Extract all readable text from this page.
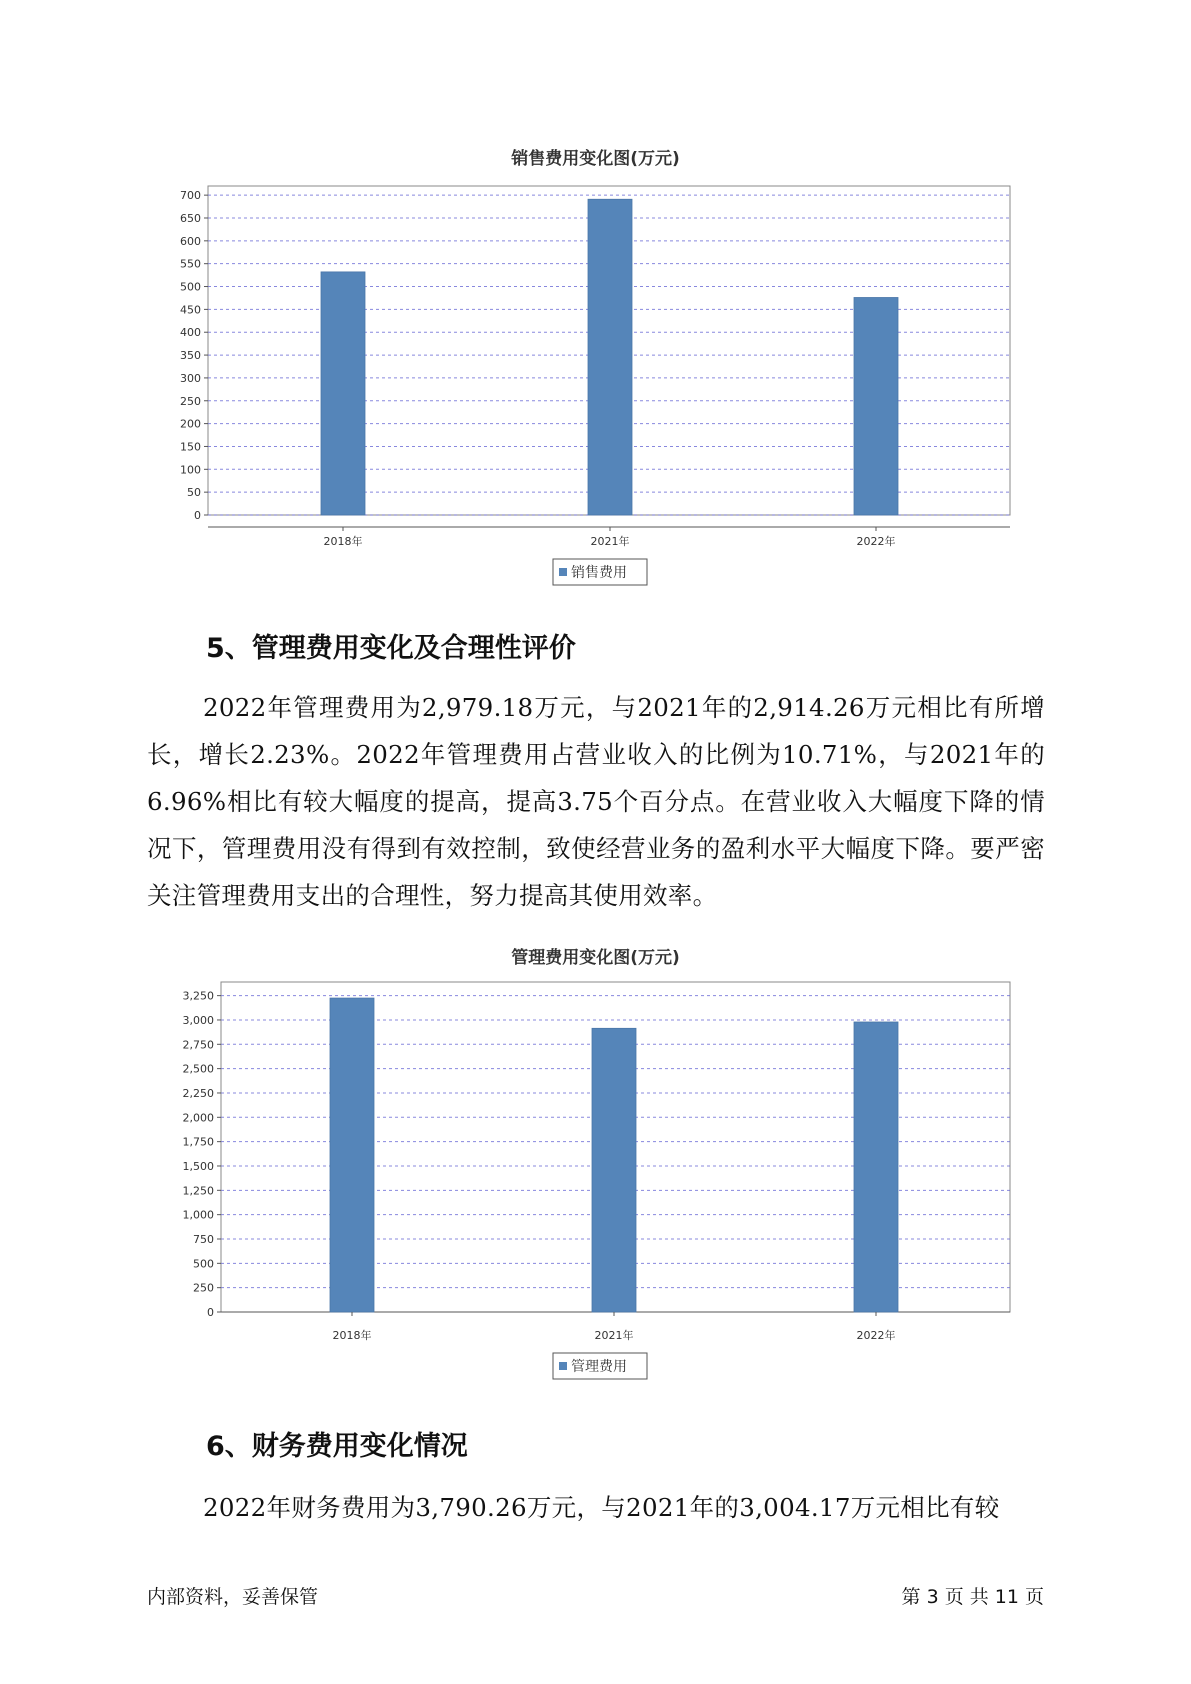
销售费用变化图(万元)
0
50
100
150
200
250
300
350
400
450
500
550
600
650
700
2018年	2021年	2022年
销售费用
5、管理费用变化及合理性评价

2022年管理费用为2,979.18万元，与2021年的2,914.26万元相比有所增长，增长2.23%。2022年管理费用占营业收入的比例为10.71%，与2021年的6.96%相比有较大幅度的提高，提高3.75个百分点。在营业收入大幅度下降的情况下，管理费用没有得到有效控制，致使经营业务的盈利水平大幅度下降。要严密关注管理费用支出的合理性，努力提高其使用效率。

管理费用变化图(万元)
0
250
500
750
1,000
1,250
1,500
1,750
2,000
2,250
2,500
2,750
3,000
3,250
2018年	2021年	2022年
管理费用
6、财务费用变化情况

2022年财务费用为3,790.26万元，与2021年的3,004.17万元相比有较

内部资料，妥善保管	第 3 页 共 11 页
